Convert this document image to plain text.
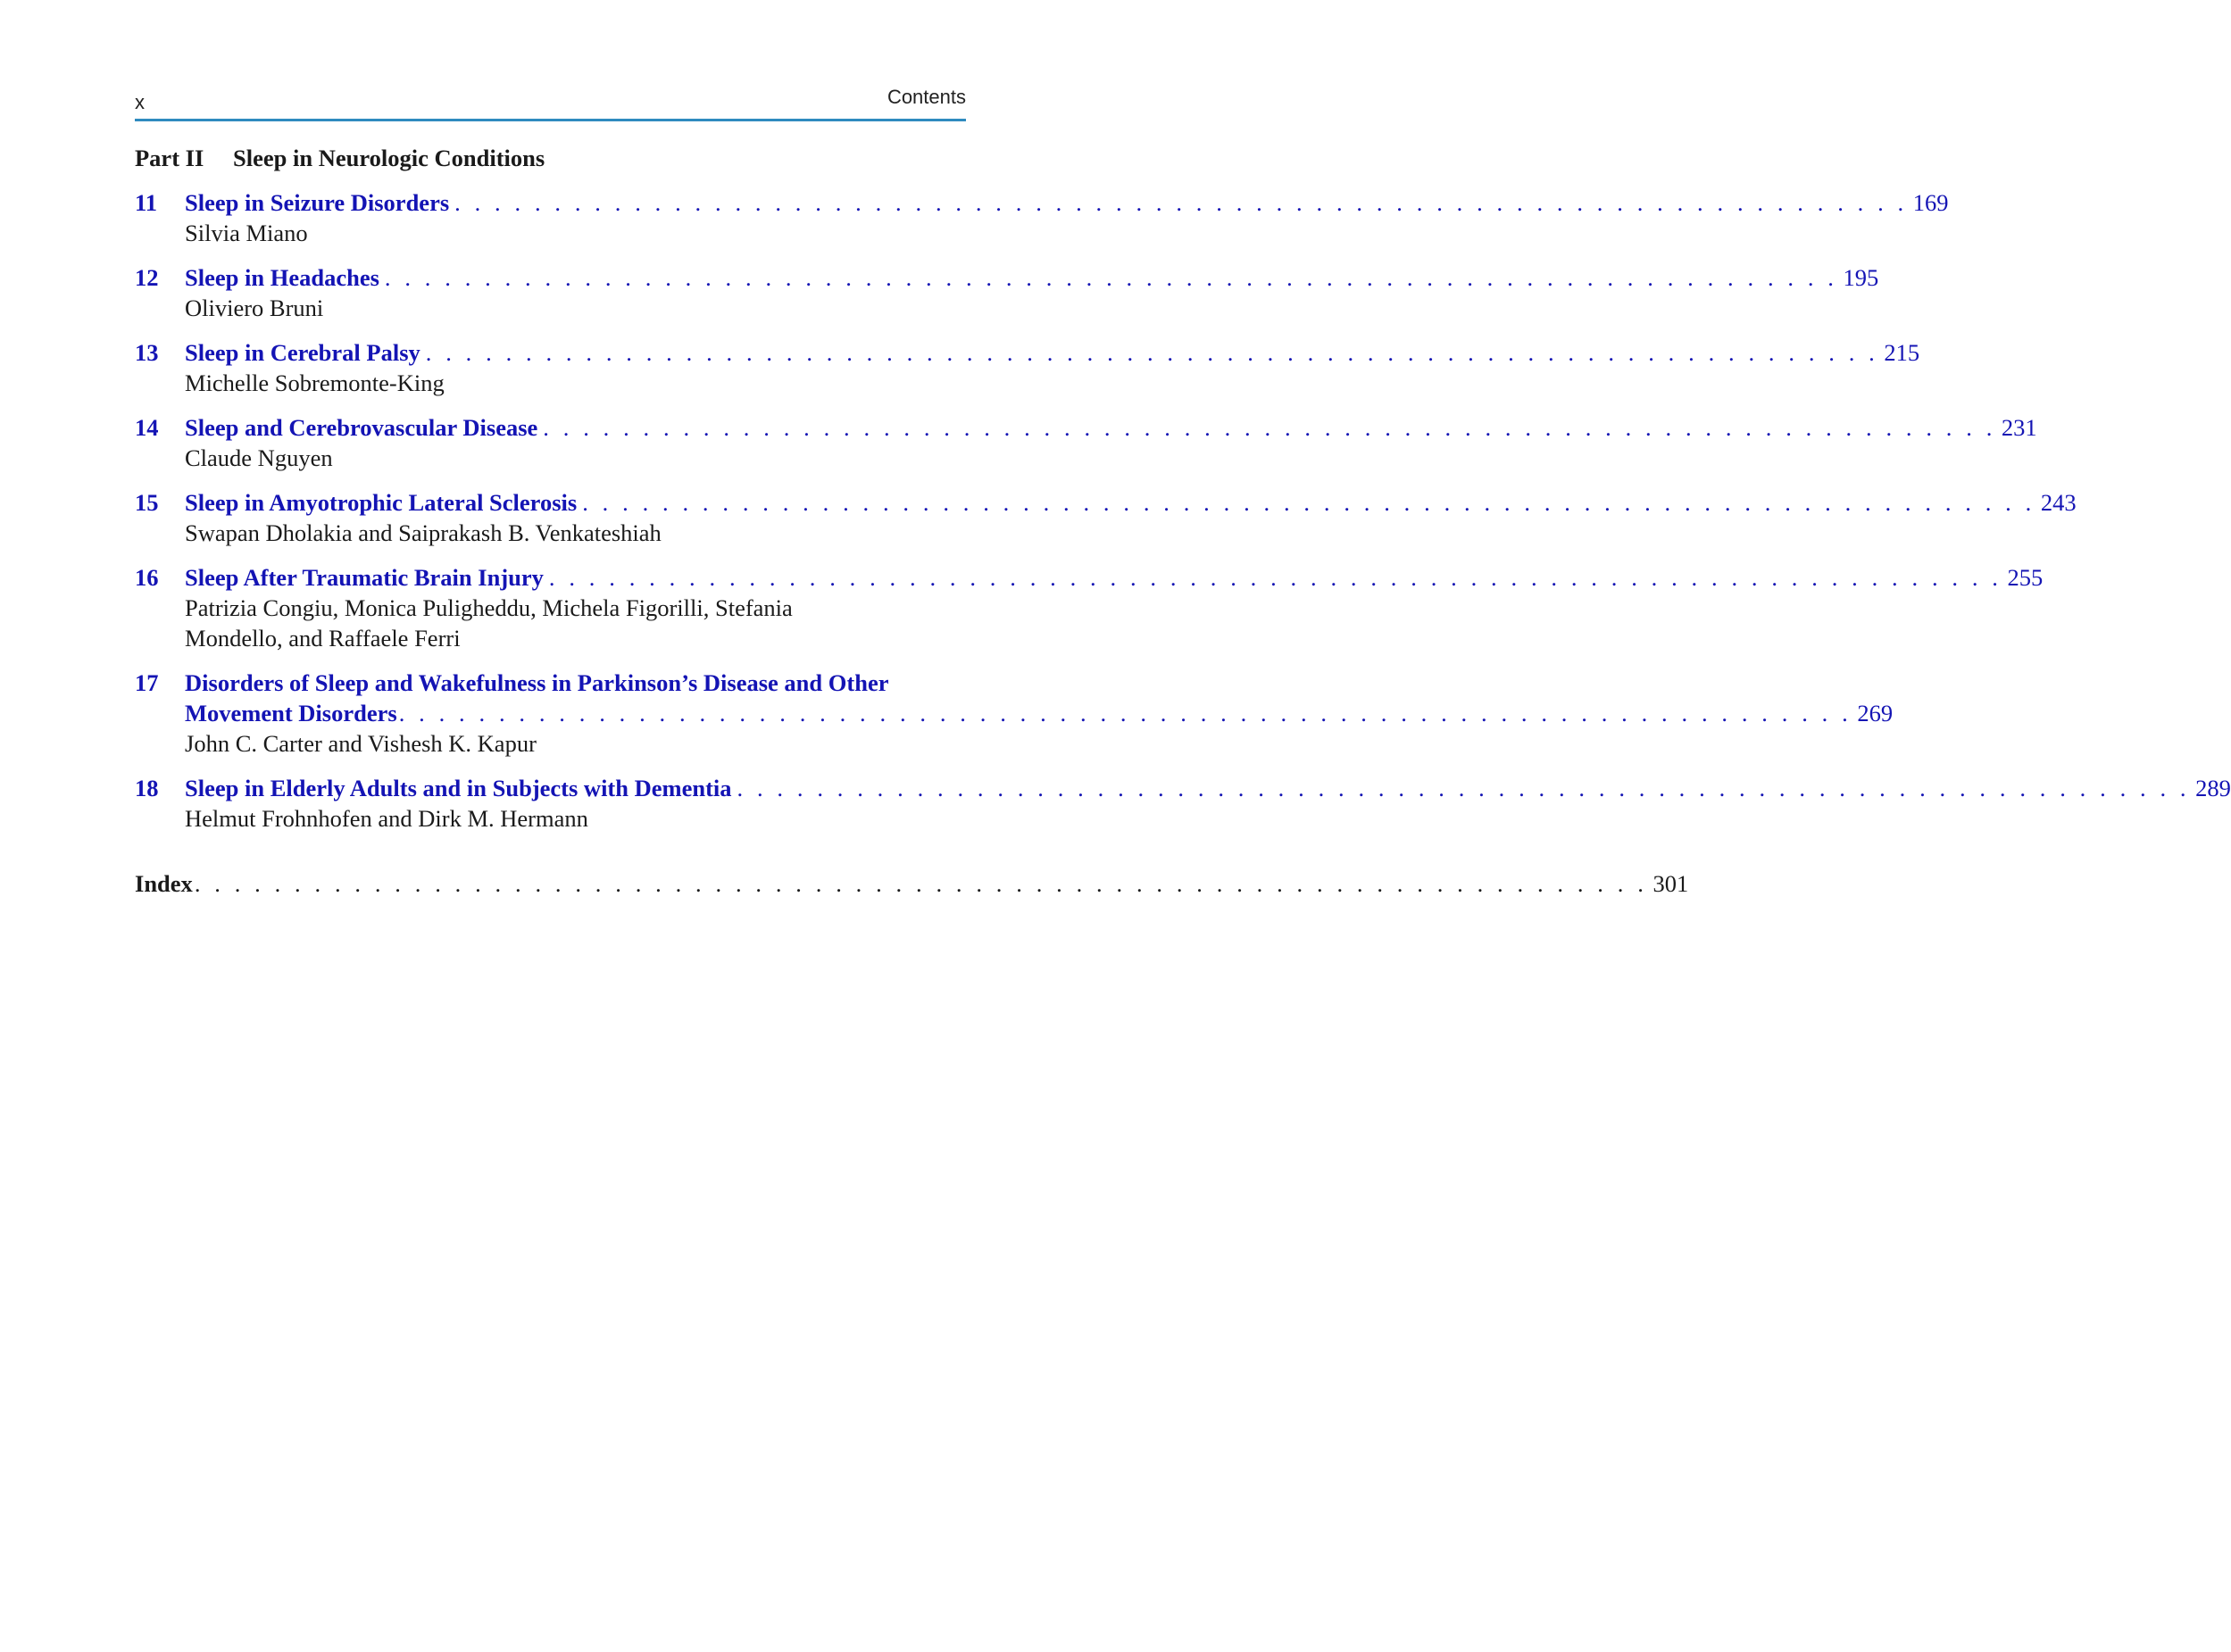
x	Contents
Part II Sleep in Neurologic Conditions
11	Sleep in Seizure Disorders . . . . . . . . . . . . . . . . . . . . . . . . . . . . . . . . . . . . . . . . . . . . . . . . . . . . . . . . . . . . . . . . . . . . . . . . . 169
Silvia Miano
12	Sleep in Headaches . . . . . . . . . . . . . . . . . . . . . . . . . . . . . . . . . . . . . . . . . . . . . . . . . . . . . . . . . . . . . . . . . . . . . . . . . 195
Oliviero Bruni
13	Sleep in Cerebral Palsy . . . . . . . . . . . . . . . . . . . . . . . . . . . . . . . . . . . . . . . . . . . . . . . . . . . . . . . . . . . . . . . . . . . . . . . . . 215
Michelle Sobremonte-King
14	Sleep and Cerebrovascular Disease . . . . . . . . . . . . . . . . . . . . . . . . . . . . . . . . . . . . . . . . . . . . . . . . . . . . . . . . . . . . . . . . . . . . . . . . . 231
Claude Nguyen
15	Sleep in Amyotrophic Lateral Sclerosis . . . . . . . . . . . . . . . . . . . . . . . . . . . . . . . . . . . . . . . . . . . . . . . . . . . . . . . . . . . . . . . . . . . . . . . . . 243
Swapan Dholakia and Saiprakash B. Venkateshiah
16	Sleep After Traumatic Brain Injury . . . . . . . . . . . . . . . . . . . . . . . . . . . . . . . . . . . . . . . . . . . . . . . . . . . . . . . . . . . . . . . . . . . . . . . . . 255
Patrizia Congiu, Monica Puligheddu, Michela Figorilli, Stefania
Mondello, and Raffaele Ferri
17	Disorders of Sleep and Wakefulness in Parkinson’s Disease and Other
Movement Disorders . . . . . . . . . . . . . . . . . . . . . . . . . . . . . . . . . . . . . . . . . . . . . . . . . . . . . . . . . . . . . . . . . . . . . . . . . 269
John C. Carter and Vishesh K. Kapur
18	Sleep in Elderly Adults and in Subjects with Dementia . . . . . . . . . . . . . . . . . . . . . . . . . . . . . . . . . . . . . . . . . . . . . . . . . . . . . . . . . . . . . . . . . . . . . . . . . 289
Helmut Frohnhofen and Dirk M. Hermann
Index . . . . . . . . . . . . . . . . . . . . . . . . . . . . . . . . . . . . . . . . . . . . . . . . . . . . . . . . . . . . . . . . . . . . . . . . . 301
